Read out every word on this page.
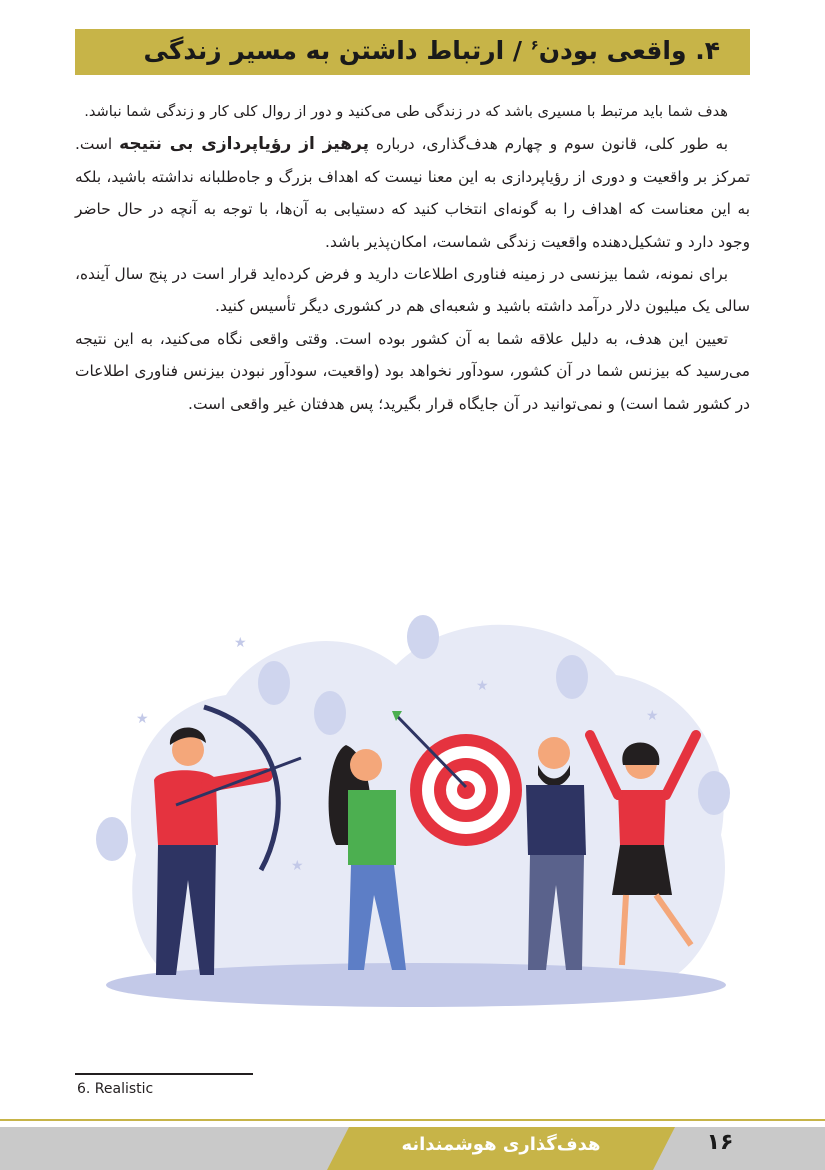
۴. واقعی بودن$^۶$ / ارتباط داشتن به مسیر زندگی

هدف شما باید مرتبط با مسیری باشد که در زندگی طی می‌کنید و دور از روال کلی کار و زندگی شما نباشد.

به طور کلی، قانون سوم و چهارم هدف‌گذاری، درباره پرهیز از رؤیاپردازی بی نتیجه است. تمرکز بر واقعیت و دوری از رؤیاپردازی به این معنا نیست که اهداف بزرگ و جاه‌طلبانه نداشته باشید، بلکه به این معناست که اهداف را به گونه‌ای انتخاب کنید که دستیابی به آن‌ها، با توجه به آنچه در حال حاضر وجود دارد و تشکیل‌دهنده واقعیت زندگی شماست، امکان‌پذیر باشد.

برای نمونه، شما بیزنسی در زمینه فناوری اطلاعات دارید و فرض کرده‌اید قرار است در پنج سال آینده، سالی یک میلیون دلار درآمد داشته باشید و شعبه‌ای هم در کشوری دیگر تأسیس کنید.

تعیین این هدف، به دلیل علاقه شما به آن کشور بوده است. وقتی واقعی نگاه می‌کنید، به این نتیجه می‌رسید که بیزنس شما در آن کشور، سودآور نخواهد بود (واقعیت، سودآور نبودن بیزنس فناوری اطلاعات در کشور شما است) و نمی‌توانید در آن جایگاه قرار بگیرید؛ پس هدفتان غیر واقعی است.

★
★
★
★
★
6. Realistic
هدف‌گذاری هوشمندانه	۱۶
